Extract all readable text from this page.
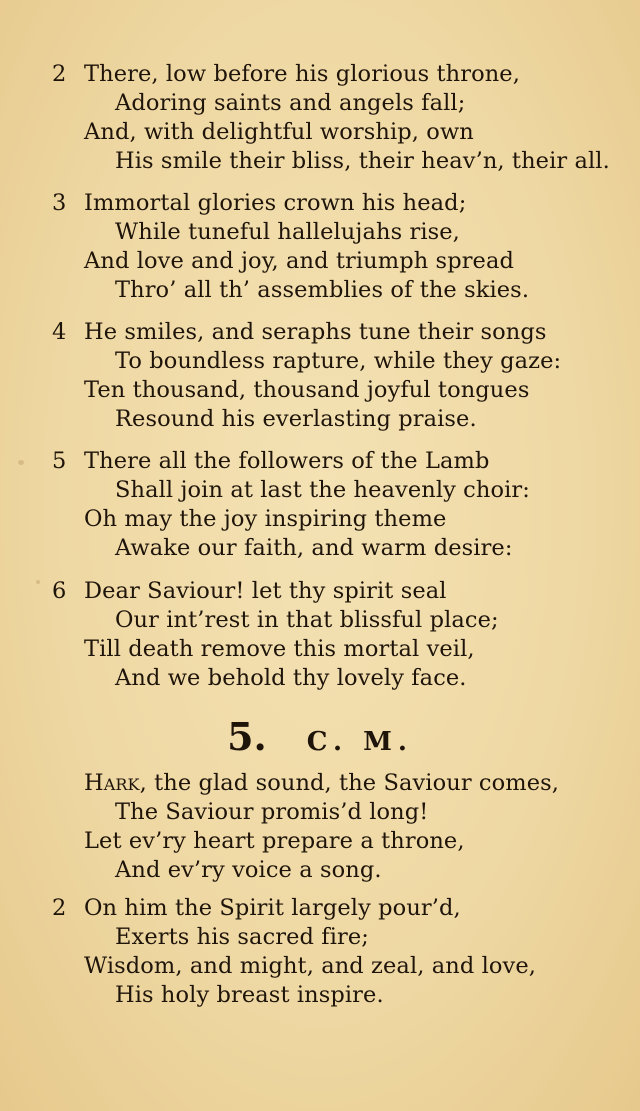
2 There, low before his glorious throne,
Adoring saints and angels fall;
And, with delightful worship, own
His smile their bliss, their heav’n, their all.
3 Immortal glories crown his head;
While tuneful hallelujahs rise,
And love and joy, and triumph spread
Thro’ all th’ assemblies of the skies.
4 He smiles, and seraphs tune their songs
To boundless rapture, while they gaze:
Ten thousand, thousand joyful tongues
Resound his everlasting praise.
5 There all the followers of the Lamb
Shall join at last the heavenly choir:
Oh may the joy inspiring theme
Awake our faith, and warm desire:
6 Dear Saviour! let thy spirit seal
Our int’rest in that blissful place;
Till death remove this mortal veil,
And we behold thy lovely face.
5. C. M.
Hark, the glad sound, the Saviour comes,
The Saviour promis’d long!
Let ev’ry heart prepare a throne,
And ev’ry voice a song.
2 On him the Spirit largely pour’d,
Exerts his sacred fire;
Wisdom, and might, and zeal, and love,
His holy breast inspire.
